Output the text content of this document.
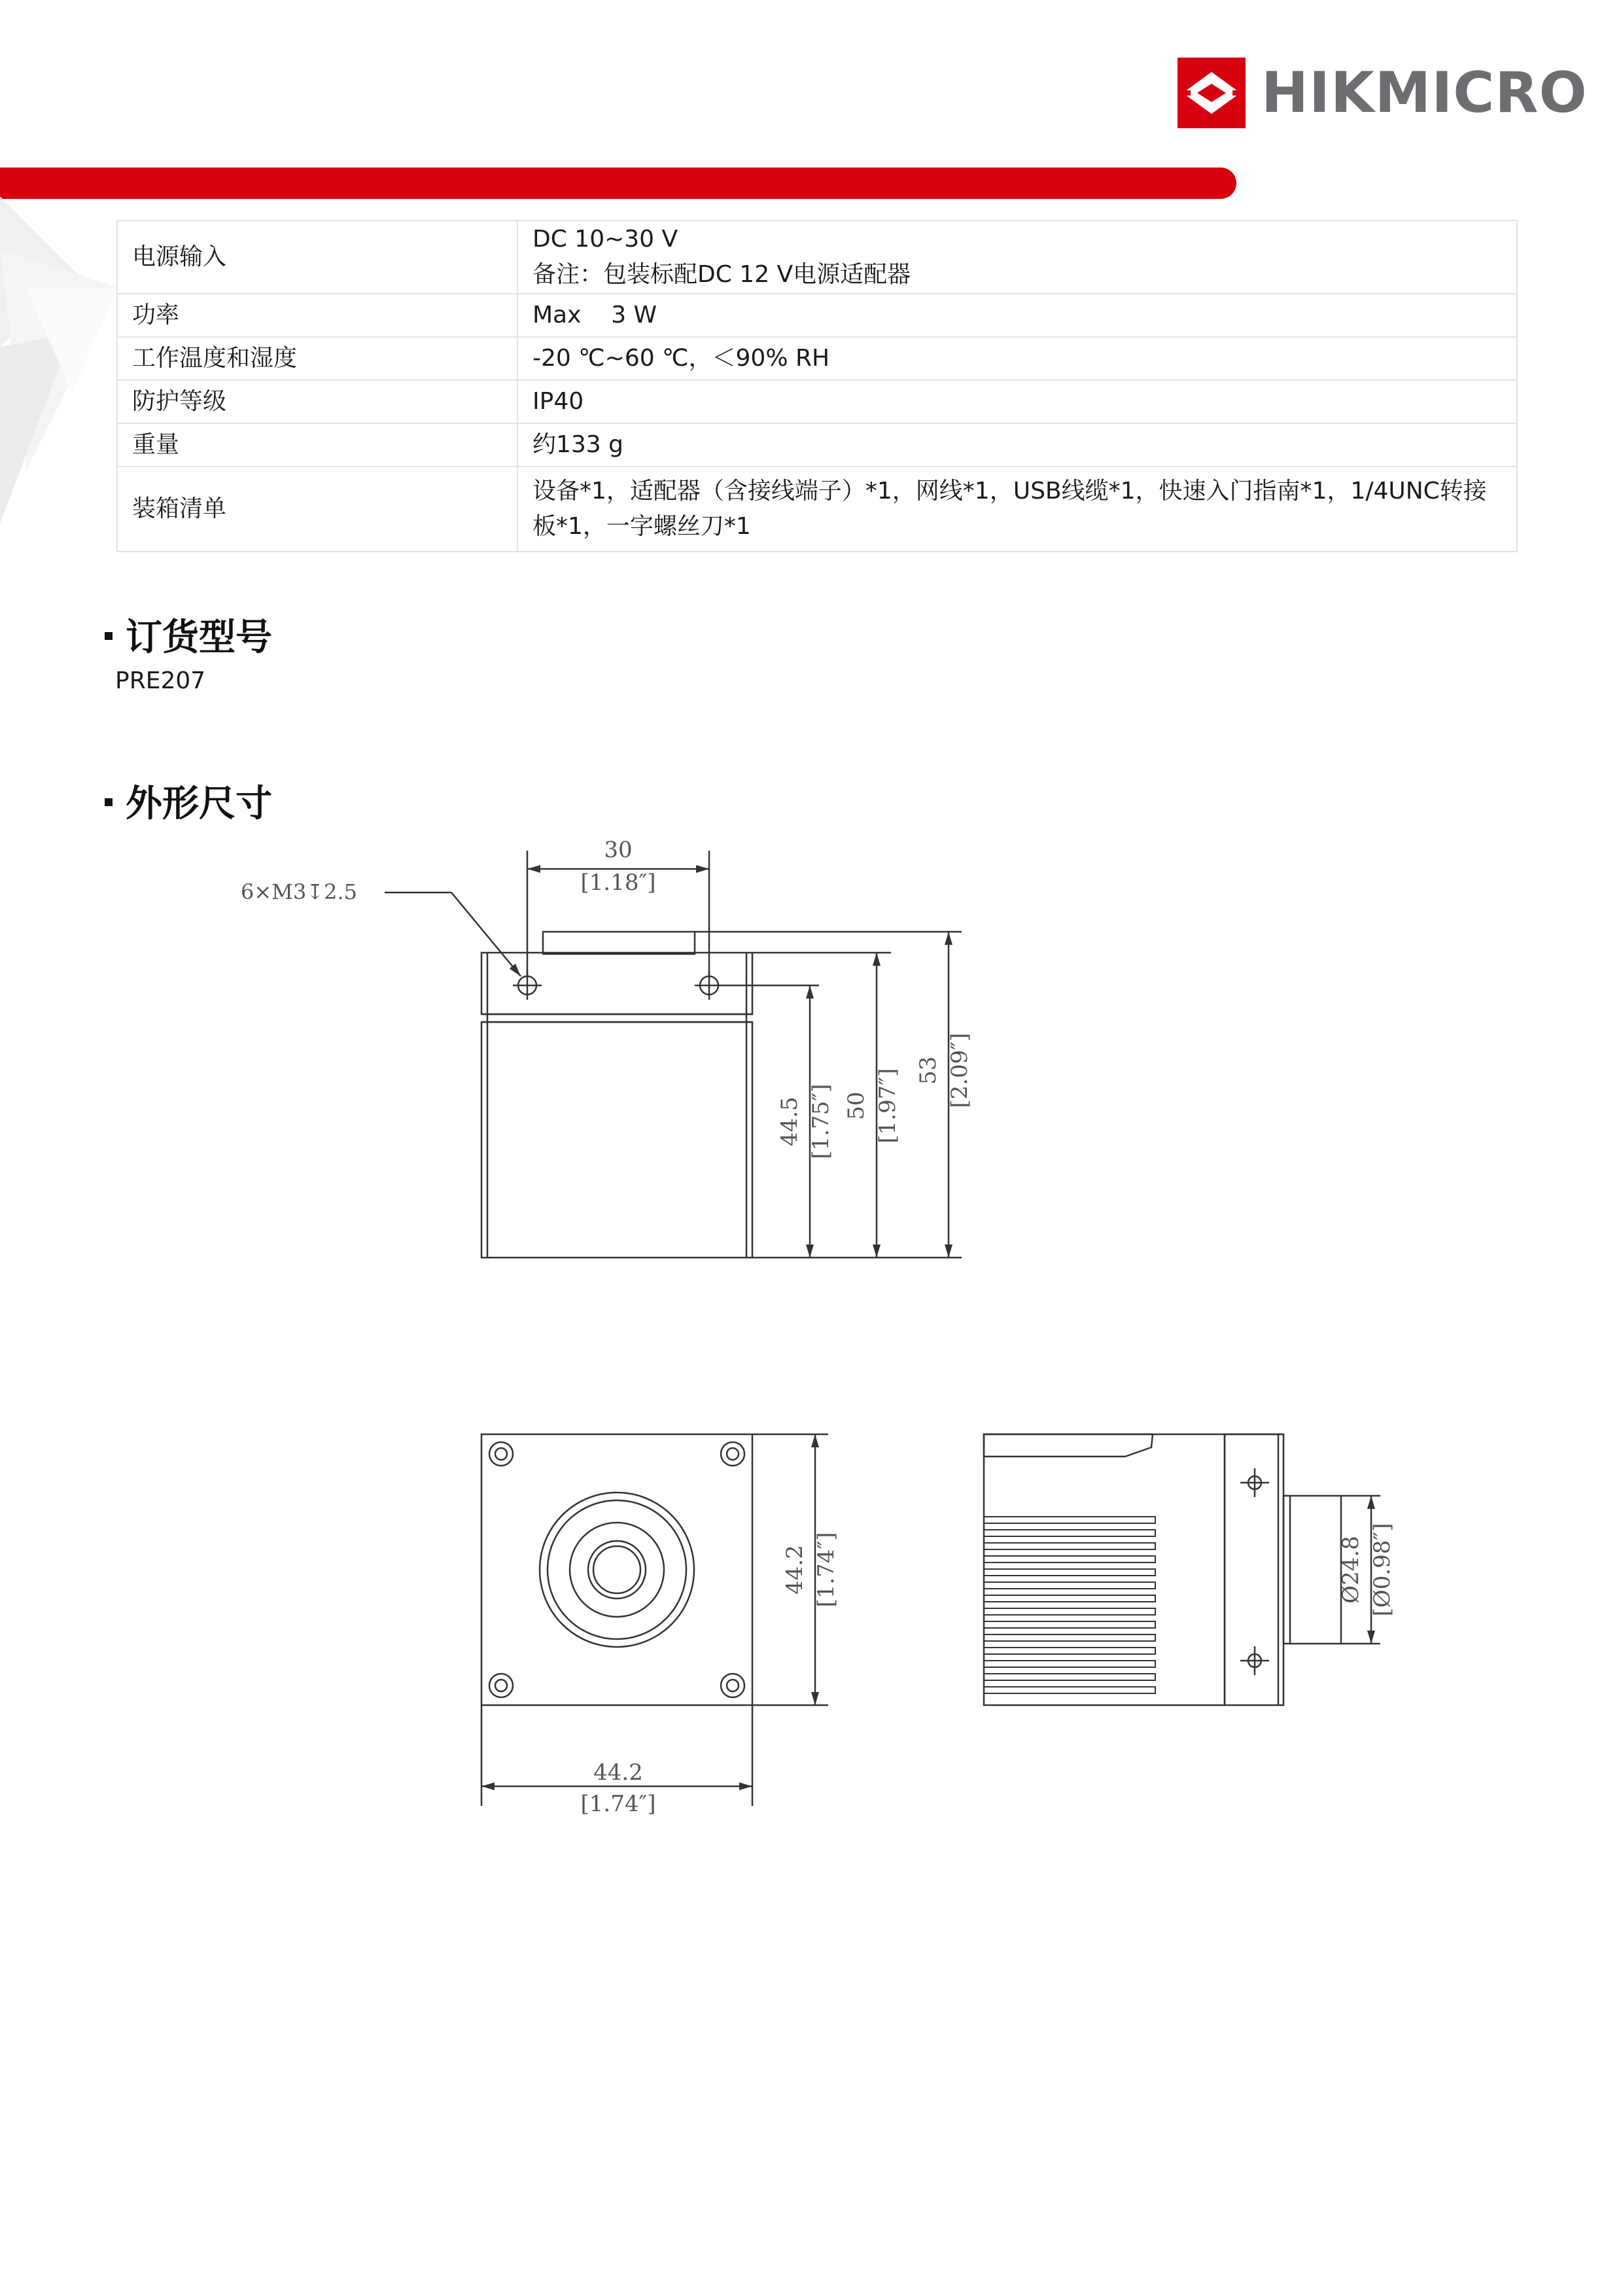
HIKMICRO
电源输入	DC 10~30 V
备注：包装标配DC 12 V电源适配器

功率	Max    3 W
工作温度和湿度	-20 ℃~60 ℃，＜90% RH
防护等级	IP40
重量	约133 g
装箱清单	设备*1，适配器（含接线端子）*1，网线*1，USB线缆*1，快速入门指南*1，1/4UNC转接
板*1，一字螺丝刀*1
订货型号
PRE207
外形尺寸
6×M3↧2.5
30
[1.18″]
44.5 [1.75″] 50 [1.97″] 53 [2.09″]
44.2 [1.74″]
44.2
[1.74″]
Ø24.8 [Ø0.98″]
